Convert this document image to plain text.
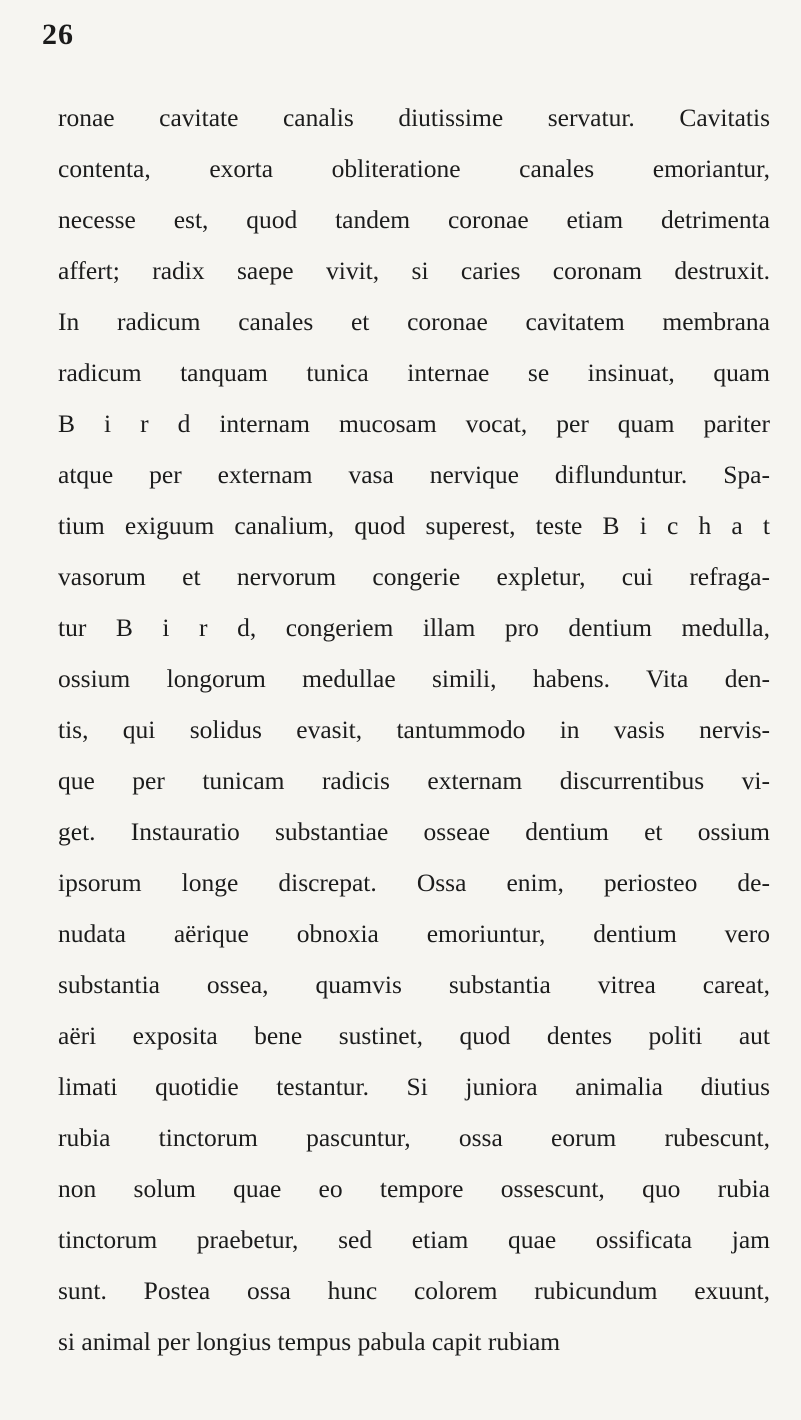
26
ronae cavitate canalis diutissime servatur. Cavitatis
contenta, exorta obliteratione canales emoriantur,
necesse est, quod tandem coronae etiam detrimenta
affert; radix saepe vivit, si caries coronam destruxit.
In radicum canales et coronae cavitatem membrana
radicum tanquam tunica internae se insinuat, quam
B i r d internam mucosam vocat, per quam pariter
atque per externam vasa nervique diflunduntur. Spa-
tium exiguum canalium, quod superest, teste B i c h a t
vasorum et nervorum congerie expletur, cui refraga-
tur B i r d, congeriem illam pro dentium medulla,
ossium longorum medullae simili, habens. Vita den-
tis, qui solidus evasit, tantummodo in vasis nervis-
que per tunicam radicis externam discurrentibus vi-
get. Instauratio substantiae osseae dentium et ossium
ipsorum longe discrepat. Ossa enim, periosteo de-
nudata aërique obnoxia emoriuntur, dentium vero
substantia ossea, quamvis substantia vitrea careat,
aëri exposita bene sustinet, quod dentes politi aut
limati quotidie testantur. Si juniora animalia diutius
rubia tinctorum pascuntur, ossa eorum rubescunt,
non solum quae eo tempore ossescunt, quo rubia
tinctorum praebetur, sed etiam quae ossificata jam
sunt. Postea ossa hunc colorem rubicundum exuunt,
si animal per longius tempus pabula capit rubiam
